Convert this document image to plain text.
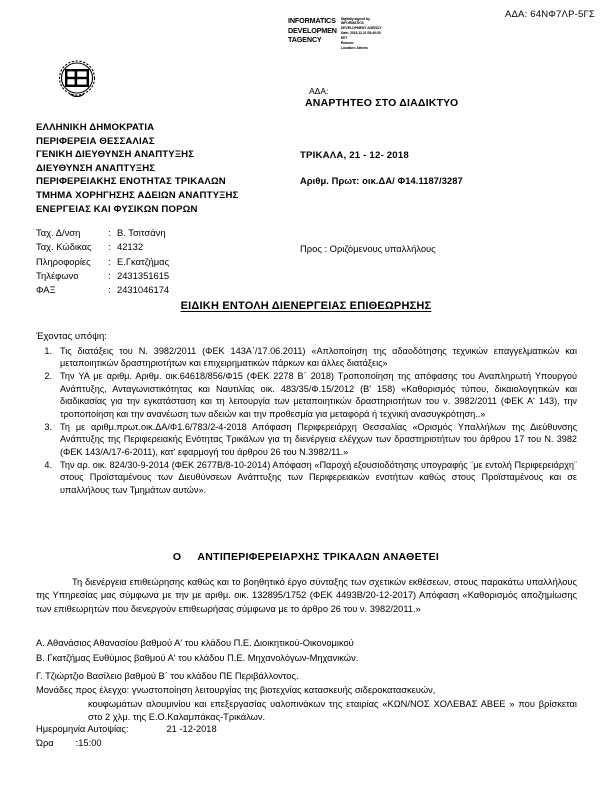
ΑΔΑ: 64ΝΦ7ΛΡ-5ΓΣ
INFORMATICS
DEVELOPMEN
TAGENCY
Digitally signed by
INFORMATICS
DEVELOPMENT AGENCY
Date: 2018.12.21 08:49:35
EET
Reason:
Location: Athens
ΑΔΑ:
ΑΝΑΡΤΗΤΕΟ ΣΤΟ ΔΙΑΔΙΚΤΥΟ
ΕΛΛΗΝΙΚΗ ΔΗΜΟΚΡΑΤΙΑ
ΠΕΡΙΦΕΡΕΙΑ ΘΕΣΣΑΛΙΑΣ
ΓΕΝΙΚΗ ΔΙΕΥΘΥΝΣΗ ΑΝΑΠΤΥΞΗΣ
ΔΙΕΥΘΥΝΣΗ ΑΝΑΠΤΥΞΗΣ
ΠΕΡΙΦΕΡΕΙΑΚΗΣ ΕΝΟΤΗΤΑΣ ΤΡΙΚΑΛΩΝ
ΤΜΗΜΑ ΧΟΡΗΓΗΣΗΣ ΑΔΕΙΩΝ ΑΝΑΠΤΥΞΗΣ
ΕΝΕΡΓΕΙΑΣ ΚΑΙ ΦΥΣΙΚΩΝ ΠΟΡΩΝ
ΤΡΙΚΑΛΑ, 21 - 12- 2018
Αριθμ. Πρωτ: οικ.ΔΑ/ Φ14.1187/3287
Ταχ. Δ/νση	:	Β. Τσιτσάνη
Ταχ. Κώδικας	:	42132
Πληροφορίες	:	Ε.Γκατζήμας
Τηλέφωνο	:	2431351615
ΦΑΞ	:	2431046174
Προς : Οριζόμενους υπαλλήλους
ΕΙΔΙΚΗ ΕΝΤΟΛΗ ΔΙΕΝΕΡΓΕΙΑΣ ΕΠΙΘΕΩΡΗΣΗΣ
Έχοντας υπόψη:
1. Τις διατάξεις του Ν. 3982/2011 (ΦΕΚ 143Α΄/17.06.2011) «Απλοποίηση της αδαοδότησης τεχνικών επαγγελματικών και μεταποιητικών δραστηριοτήτων και επιχειρηματικών πάρκων και άλλες διατάξεις»
2. Την ΥΑ με αριθμ. Αριθμ. οικ.64618/856/Φ15 (ΦΕΚ 2278 Β΄ 2018) Τροποποίηση της απόφασης του Αναπληρωτή Υπουργού Ανάπτυξης, Ανταγωνιστικότητας και Ναυτιλίας οικ. 483/35/Φ.15/2012 (Β' 158) «Καθορισμός τύπου, δικαιολογητικών και διαδικασίας για την εγκατάσταση και τη λειτουργία των μεταποιητικών δραστηριοτήτων του ν. 3982/2011 (ΦΕΚ Α' 143), την τροποποίηση και την ανανέωση των αδειών και την προθεσμία για μεταφορά ή τεχνική ανασυγκρότηση..»
3. Τη με αριθμ.πρωτ.οικ.ΔΑ/Φ1.6/783/2-4-2018 Απόφαση Περιφερειάρχη Θεσσαλίας «Ορισμός Υπαλλήλων της Διεύθυνσης Ανάπτυξης της Περιφερειακής Ενότητας Τρικάλων για τη διενέργεια ελέγχων των δραστηριοτήτων του άρθρου 17 του Ν. 3982 (ΦΕΚ 143/Α/17-6-2011), κατ' εφαρμογή του άρθρου 26 του Ν.3982/11.»
4. Την αρ. οικ. 824/30-9-2014 (ΦΕΚ 2677Β/8-10-2014) Απόφαση «Παροχή εξουσιοδότησης υπογραφής ¨με εντολή Περιφερειάρχη¨ στους Προϊσταμένους των Διευθύνσεων Ανάπτυξης των Περιφερειακών ενοτήτων καθώς στους Προϊσταμένους και σε υπαλλήλους των Τμημάτων αυτών».
Ο ΑΝΤΙΠΕΡΙΦΕΡΕΙΑΡΧΗΣ ΤΡΙΚΑΛΩΝ ΑΝΑΘΕΤΕΙ
Τη διενέργεια επιθεώρησης καθώς και το βοηθητικό έργο σύνταξης των σχετικών εκθέσεων, στους παρακάτω υπαλλήλους της Υπηρεσίας μας σύμφωνα με την με αριθμ. οικ. 132895/1752 (ΦΕΚ 4493Β/20-12-2017) Απόφαση «Καθορισμός αποζημίωσης των επιθεωρητών που διενεργούν επιθεωρήσας σύμφωνα με το άρθρο 26 του ν. 3982/2011.»
Α. Αθανάσιος Αθανασίου βαθμού Α' του κλάδου Π.Ε. Διοικητικού-Οικονομικού
Β. Γκατζήμας Ευθύμιος βαθμού Α' του κλάδου Π.Ε. Μηχανολόγων-Μηχανικών.
Γ. Τζιώρτζιο Βασίλειο βαθμού Β΄ του κλάδου ΠΕ Περιβάλλοντος.
Μονάδες προς έλεγχο: γνωστοποίηση λειτουργίας της βιοτεχνίας κατασκευής σιδεροκατασκευών,
κουφωμάτων αλουμινίου και επεξεργασίας υαλοπινάκων της εταιρίας «ΚΩΝ/ΝΟΣ ΧΟΛΕΒΑΣ ΑΒΕΕ » που βρίσκεται στο 2 χλμ. της Ε.Ο.Καλαμπάκας-Τρικάλων.
Ημερομηνία Αυτοψίας:	21 -12-2018
Ώρα :15:00
